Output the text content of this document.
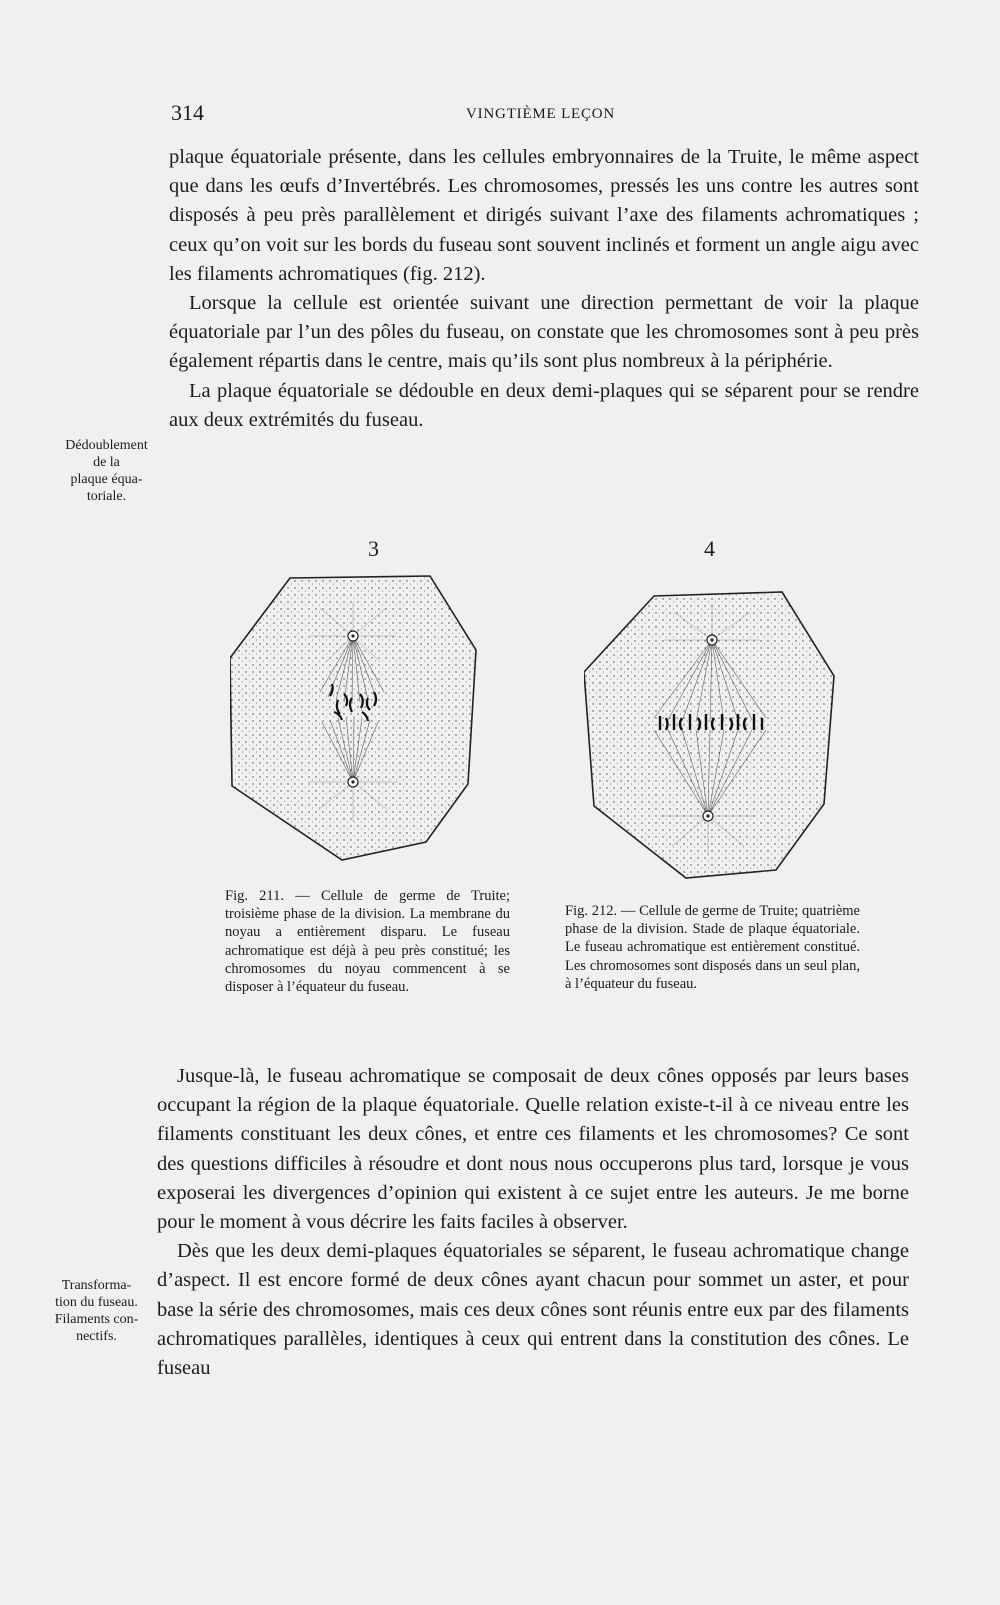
314	VINGTIÈME LEÇON

plaque équatoriale présente, dans les cellules embryonnaires de la Truite, le même aspect que dans les œufs d’Invertébrés. Les chromosomes, pressés les uns contre les autres sont disposés à peu près parallèlement et dirigés suivant l’axe des filaments achromatiques ; ceux qu’on voit sur les bords du fuseau sont souvent inclinés et forment un angle aigu avec les filaments achromatiques (fig. 212).

Lorsque la cellule est orientée suivant une direction permettant de voir la plaque équatoriale par l’un des pôles du fuseau, on constate que les chromosomes sont à peu près également répartis dans le centre, mais qu’ils sont plus nombreux à la périphérie.

La plaque équatoriale se dédouble en deux demi-plaques qui se séparent pour se rendre aux deux extrémités du fuseau.

Dédoublement
de la
plaque équa-
toriale.
3	4
Fig. 211. — Cellule de germe de Truite; troisième phase de la division. La membrane du noyau a entièrement disparu. Le fuseau achromatique est déjà à peu près constitué; les chromosomes du noyau commencent à se disposer à l’équateur du fuseau.
Fig. 212. — Cellule de germe de Truite; quatrième phase de la division. Stade de plaque équatoriale. Le fuseau achromatique est entièrement constitué. Les chromosomes sont disposés dans un seul plan, à l’équateur du fuseau.

Jusque-là, le fuseau achromatique se composait de deux cônes opposés par leurs bases occupant la région de la plaque équatoriale. Quelle relation existe-t-il à ce niveau entre les filaments constituant les deux cônes, et entre ces filaments et les chromosomes? Ce sont des questions difficiles à résoudre et dont nous nous occuperons plus tard, lorsque je vous exposerai les divergences d’opinion qui existent à ce sujet entre les auteurs. Je me borne pour le moment à vous décrire les faits faciles à observer.

Dès que les deux demi-plaques équatoriales se séparent, le fuseau achromatique change d’aspect. Il est encore formé de deux cônes ayant chacun pour sommet un aster, et pour base la série des chromosomes, mais ces deux cônes sont réunis entre eux par des filaments achromatiques parallèles, identiques à ceux qui entrent dans la constitution des cônes. Le fuseau

Transforma-
tion du fuseau.
Filaments con-
nectifs.
